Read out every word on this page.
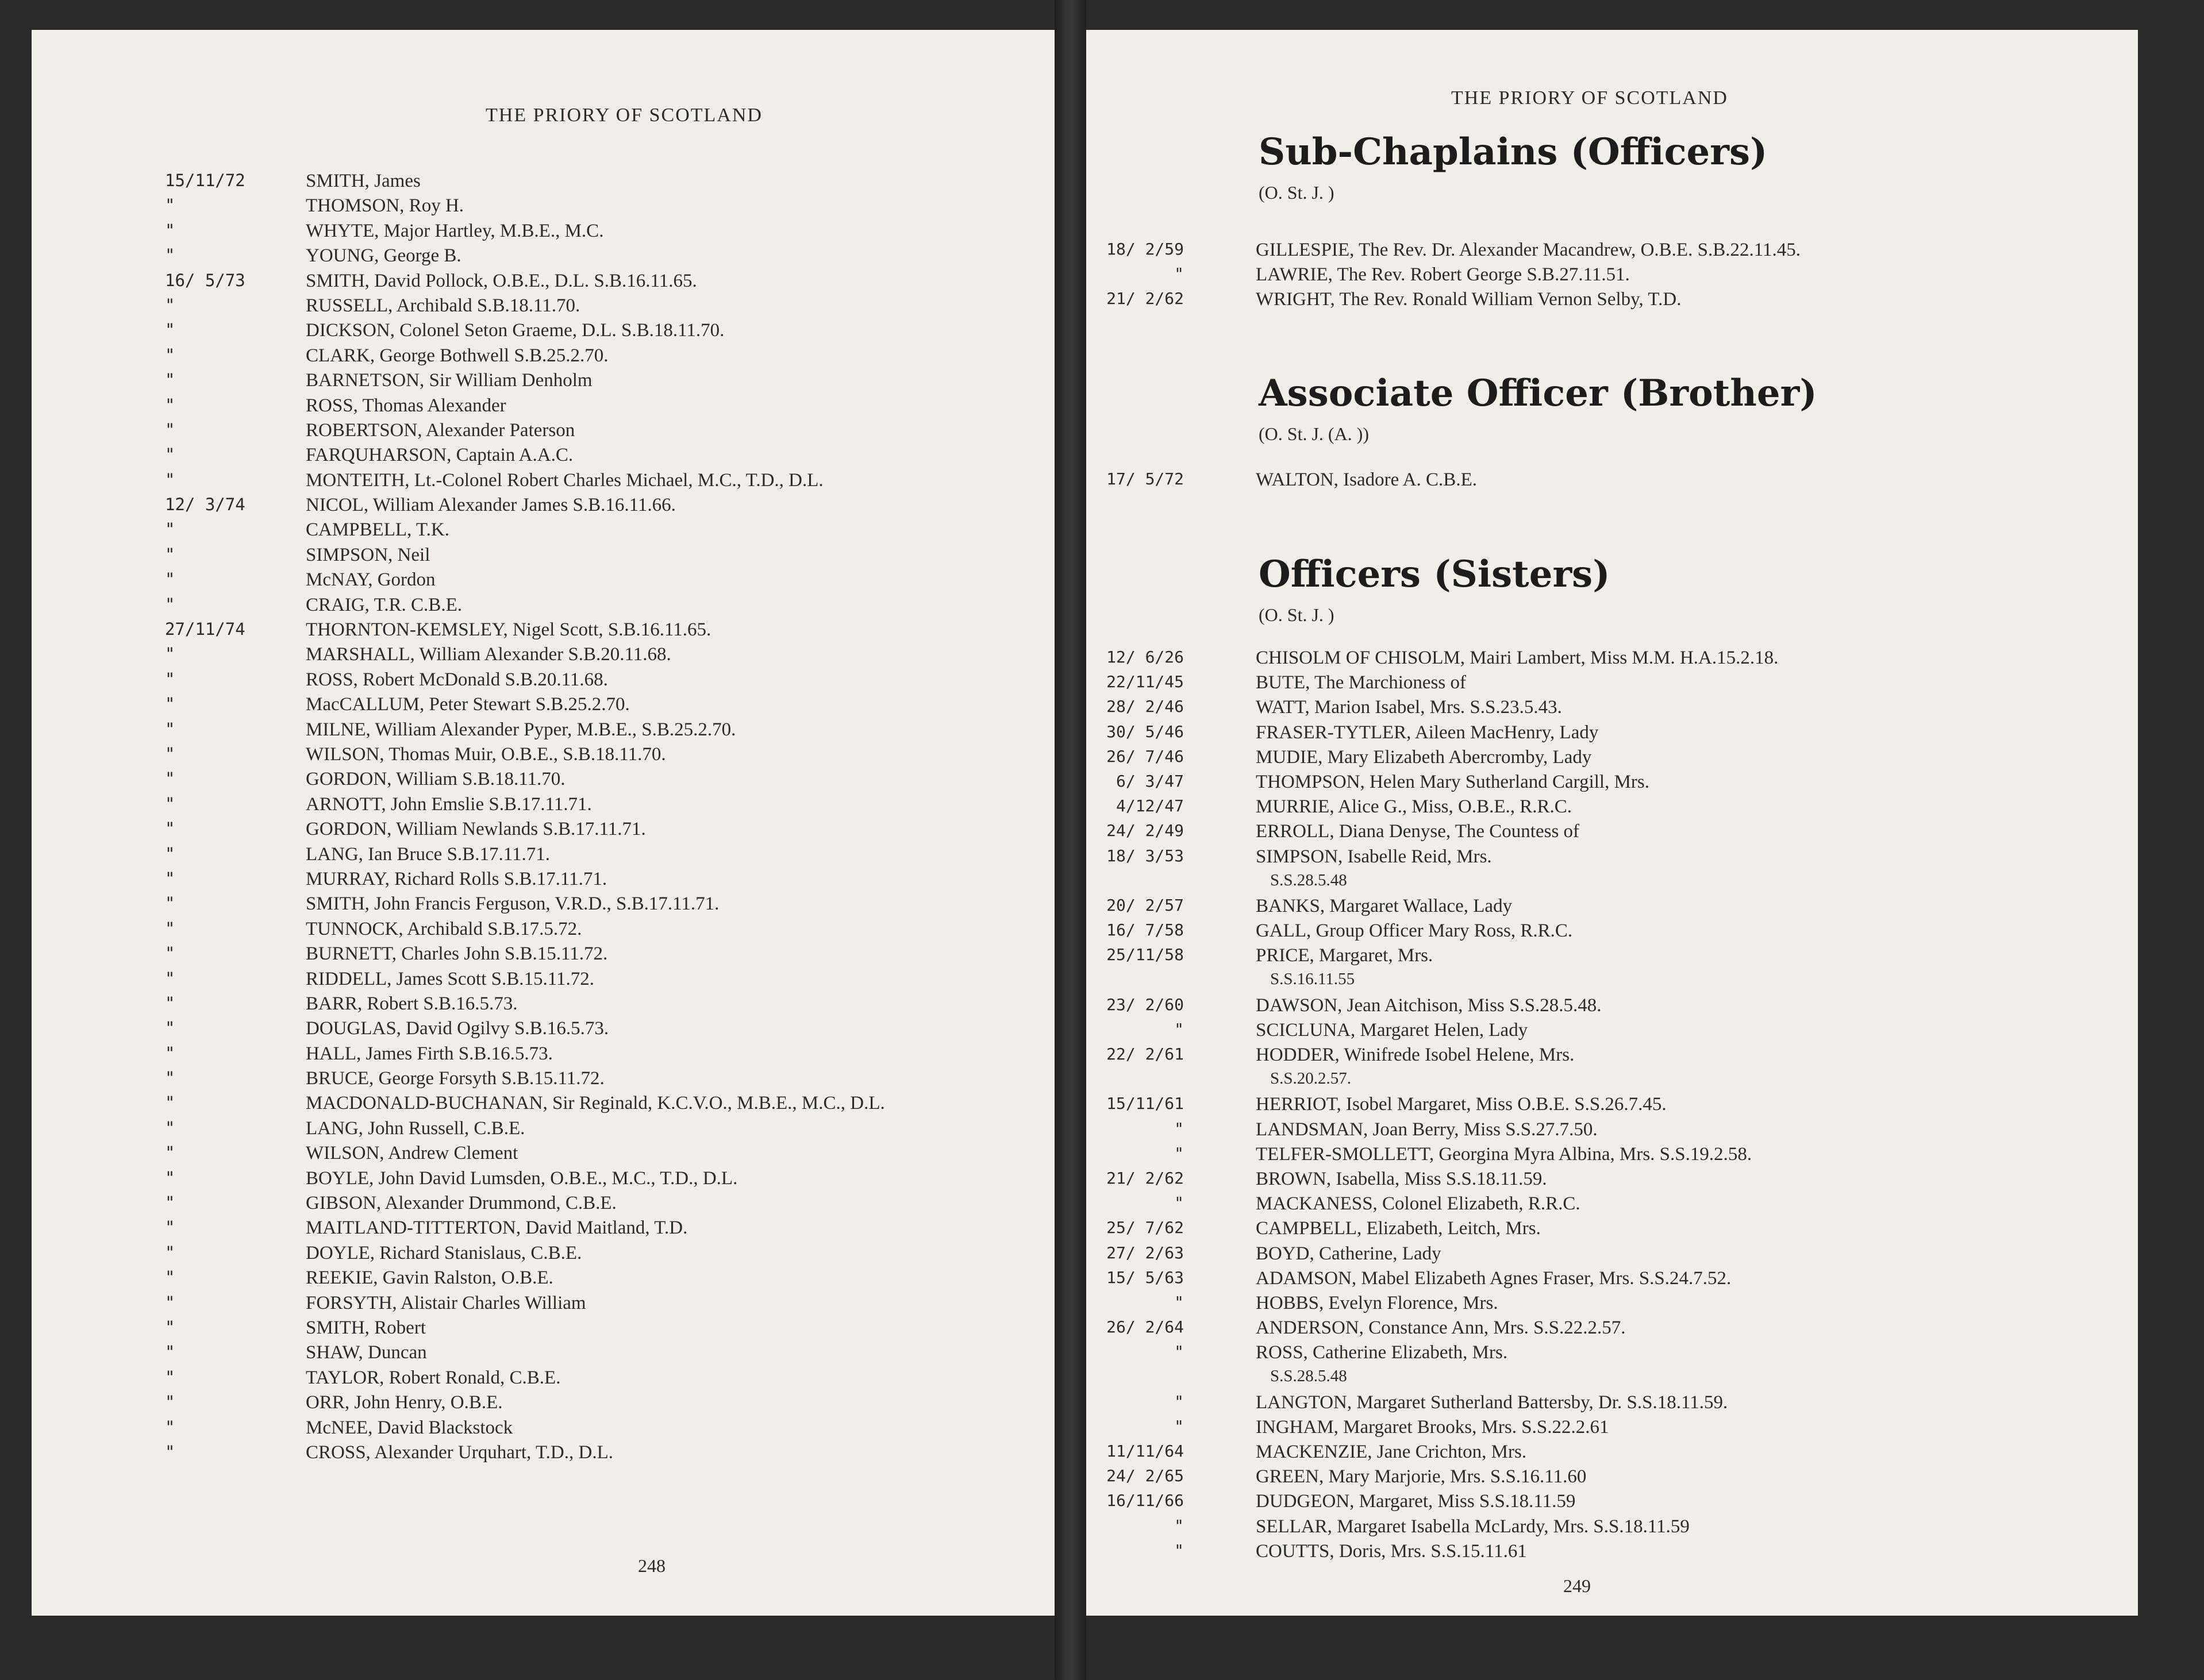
THE PRIORY OF SCOTLAND
15/11/72	SMITH, James
"	THOMSON, Roy H.
"	WHYTE, Major Hartley, M.B.E., M.C.
"	YOUNG, George B.
16/ 5/73	SMITH, David Pollock, O.B.E., D.L. S.B.16.11.65.
"	RUSSELL, Archibald S.B.18.11.70.
"	DICKSON, Colonel Seton Graeme, D.L. S.B.18.11.70.
"	CLARK, George Bothwell S.B.25.2.70.
"	BARNETSON, Sir William Denholm
"	ROSS, Thomas Alexander
"	ROBERTSON, Alexander Paterson
"	FARQUHARSON, Captain A.A.C.
"	MONTEITH, Lt.-Colonel Robert Charles Michael, M.C., T.D., D.L.
12/ 3/74	NICOL, William Alexander James S.B.16.11.66.
"	CAMPBELL, T.K.
"	SIMPSON, Neil
"	McNAY, Gordon
"	CRAIG, T.R. C.B.E.
27/11/74	THORNTON-KEMSLEY, Nigel Scott, S.B.16.11.65.
"	MARSHALL, William Alexander S.B.20.11.68.
"	ROSS, Robert McDonald S.B.20.11.68.
"	MacCALLUM, Peter Stewart S.B.25.2.70.
"	MILNE, William Alexander Pyper, M.B.E., S.B.25.2.70.
"	WILSON, Thomas Muir, O.B.E., S.B.18.11.70.
"	GORDON, William S.B.18.11.70.
"	ARNOTT, John Emslie S.B.17.11.71.
"	GORDON, William Newlands S.B.17.11.71.
"	LANG, Ian Bruce S.B.17.11.71.
"	MURRAY, Richard Rolls S.B.17.11.71.
"	SMITH, John Francis Ferguson, V.R.D., S.B.17.11.71.
"	TUNNOCK, Archibald S.B.17.5.72.
"	BURNETT, Charles John S.B.15.11.72.
"	RIDDELL, James Scott S.B.15.11.72.
"	BARR, Robert S.B.16.5.73.
"	DOUGLAS, David Ogilvy S.B.16.5.73.
"	HALL, James Firth S.B.16.5.73.
"	BRUCE, George Forsyth S.B.15.11.72.
"	MACDONALD-BUCHANAN, Sir Reginald, K.C.V.O., M.B.E., M.C., D.L.
"	LANG, John Russell, C.B.E.
"	WILSON, Andrew Clement
"	BOYLE, John David Lumsden, O.B.E., M.C., T.D., D.L.
"	GIBSON, Alexander Drummond, C.B.E.
"	MAITLAND-TITTERTON, David Maitland, T.D.
"	DOYLE, Richard Stanislaus, C.B.E.
"	REEKIE, Gavin Ralston, O.B.E.
"	FORSYTH, Alistair Charles William
"	SMITH, Robert
"	SHAW, Duncan
"	TAYLOR, Robert Ronald, C.B.E.
"	ORR, John Henry, O.B.E.
"	McNEE, David Blackstock
"	CROSS, Alexander Urquhart, T.D., D.L.
248
THE PRIORY OF SCOTLAND
Sub-Chaplains (Officers)
(O. St. J. )
18/ 2/59	GILLESPIE, The Rev. Dr. Alexander Macandrew, O.B.E. S.B.22.11.45.
"	LAWRIE, The Rev. Robert George S.B.27.11.51.
21/ 2/62	WRIGHT, The Rev. Ronald William Vernon Selby, T.D.
Associate Officer (Brother)
(O. St. J. (A. ))
17/ 5/72	WALTON, Isadore A. C.B.E.
Officers (Sisters)
(O. St. J. )
12/ 6/26	CHISOLM OF CHISOLM, Mairi Lambert, Miss M.M. H.A.15.2.18.
22/11/45	BUTE, The Marchioness of
28/ 2/46	WATT, Marion Isabel, Mrs. S.S.23.5.43.
30/ 5/46	FRASER-TYTLER, Aileen MacHenry, Lady
26/ 7/46	MUDIE, Mary Elizabeth Abercromby, Lady
6/ 3/47	THOMPSON, Helen Mary Sutherland Cargill, Mrs.
4/12/47	MURRIE, Alice G., Miss, O.B.E., R.R.C.
24/ 2/49	ERROLL, Diana Denyse, The Countess of
18/ 3/53	SIMPSON, Isabelle Reid, Mrs.
S.S.28.5.48
20/ 2/57	BANKS, Margaret Wallace, Lady
16/ 7/58	GALL, Group Officer Mary Ross, R.R.C.
25/11/58	PRICE, Margaret, Mrs.
S.S.16.11.55
23/ 2/60	DAWSON, Jean Aitchison, Miss S.S.28.5.48.
"	SCICLUNA, Margaret Helen, Lady
22/ 2/61	HODDER, Winifrede Isobel Helene, Mrs.
S.S.20.2.57.
15/11/61	HERRIOT, Isobel Margaret, Miss O.B.E. S.S.26.7.45.
"	LANDSMAN, Joan Berry, Miss S.S.27.7.50.
"	TELFER-SMOLLETT, Georgina Myra Albina, Mrs. S.S.19.2.58.
21/ 2/62	BROWN, Isabella, Miss S.S.18.11.59.
"	MACKANESS, Colonel Elizabeth, R.R.C.
25/ 7/62	CAMPBELL, Elizabeth, Leitch, Mrs.
27/ 2/63	BOYD, Catherine, Lady
15/ 5/63	ADAMSON, Mabel Elizabeth Agnes Fraser, Mrs. S.S.24.7.52.
"	HOBBS, Evelyn Florence, Mrs.
26/ 2/64	ANDERSON, Constance Ann, Mrs. S.S.22.2.57.
"	ROSS, Catherine Elizabeth, Mrs.
S.S.28.5.48
"	LANGTON, Margaret Sutherland Battersby, Dr. S.S.18.11.59.
"	INGHAM, Margaret Brooks, Mrs. S.S.22.2.61
11/11/64	MACKENZIE, Jane Crichton, Mrs.
24/ 2/65	GREEN, Mary Marjorie, Mrs. S.S.16.11.60
16/11/66	DUDGEON, Margaret, Miss S.S.18.11.59
"	SELLAR, Margaret Isabella McLardy, Mrs. S.S.18.11.59
"	COUTTS, Doris, Mrs. S.S.15.11.61
249
